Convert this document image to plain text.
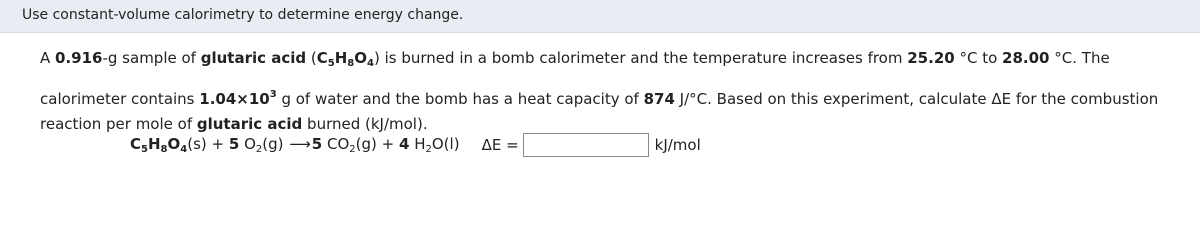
Use constant-volume calorimetry to determine energy change.
A 0.916-g sample of glutaric acid $(C_5H_8O_4)$ is burned in a bomb calorimeter and the temperature increases from 25.20 °C to 28.00 °C. The
calorimeter contains $1.04\times 10^3$ g of water and the bomb has a heat capacity of 874 J/°C. Based on this experiment, calculate ΔE for the combustion
reaction per mole of glutaric acid burned (kJ/mol).
$C_5H_8O_4(s) + 5$ $O_2(g)$ ⟶5 $CO_2(g) + 4$ $H_2O(l) \Delta E$ =	kJ/mol
